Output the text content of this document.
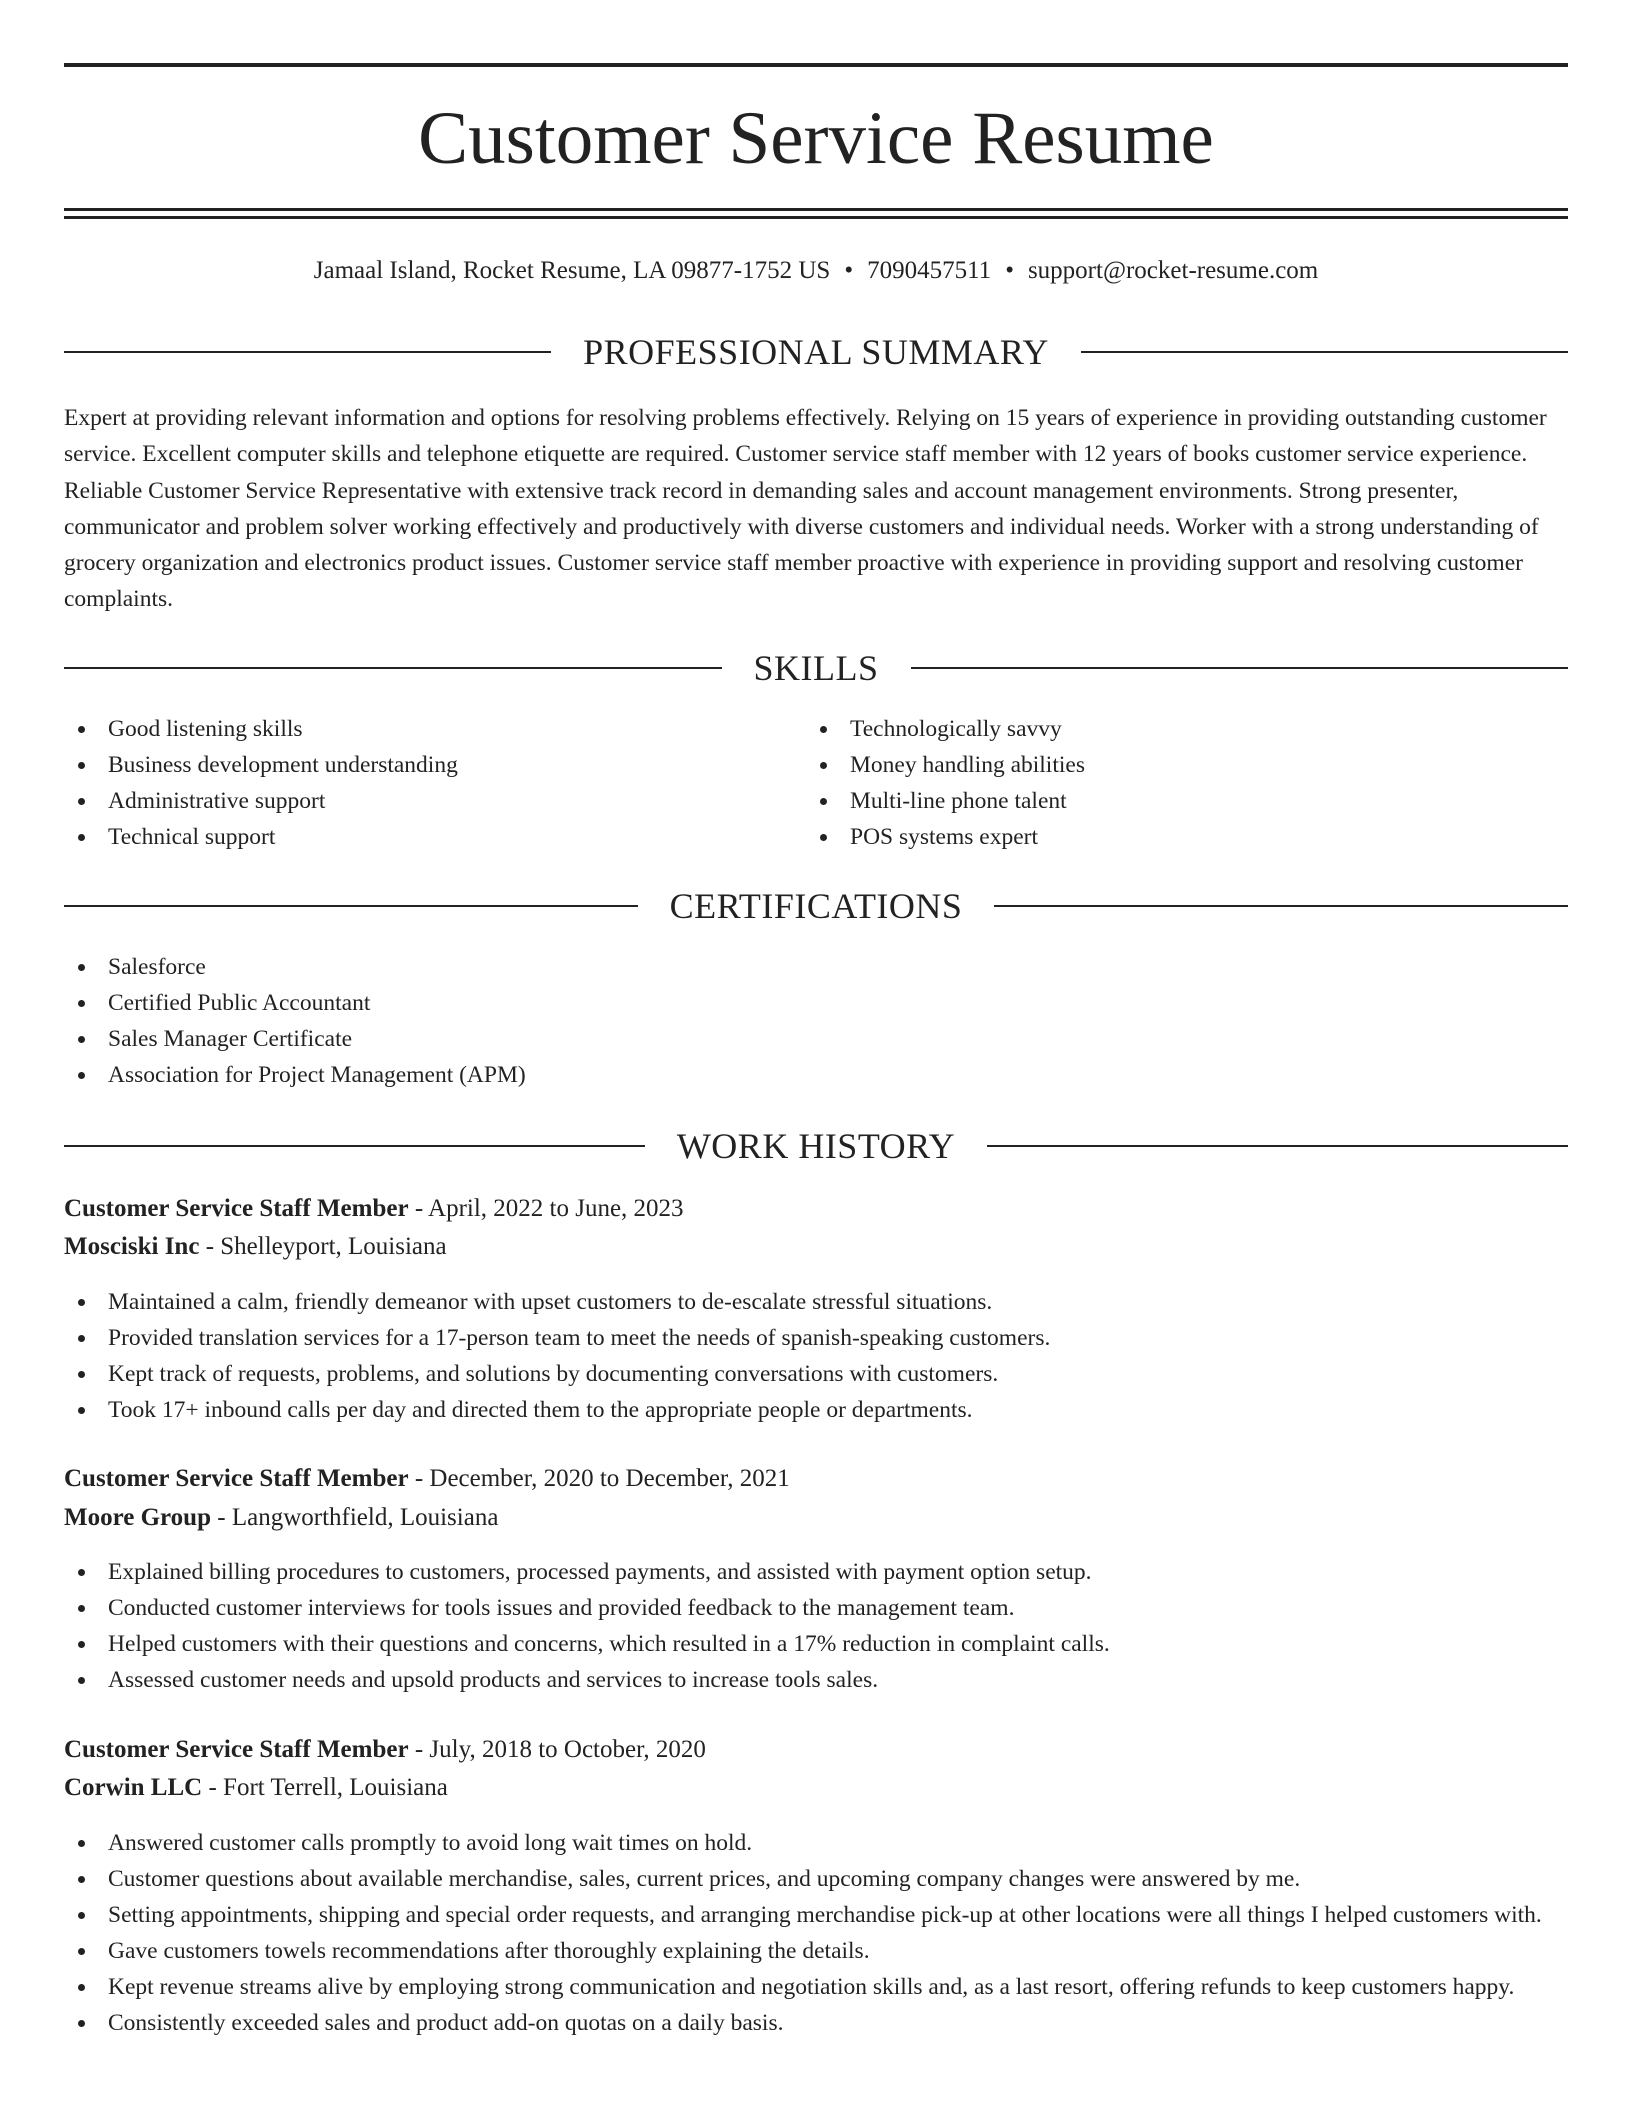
Customer Service Resume
Jamaal Island, Rocket Resume, LA 09877-1752 US • 7090457511 • support@rocket-resume.com
PROFESSIONAL SUMMARY

Expert at providing relevant information and options for resolving problems effectively. Relying on 15 years of experience in providing outstanding customer service. Excellent computer skills and telephone etiquette are required. Customer service staff member with 12 years of books customer service experience. Reliable Customer Service Representative with extensive track record in demanding sales and account management environments. Strong presenter, communicator and problem solver working effectively and productively with diverse customers and individual needs. Worker with a strong understanding of grocery organization and electronics product issues. Customer service staff member proactive with experience in providing support and resolving customer complaints.

SKILLS
Good listening skills
Business development understanding
Administrative support
Technical support
Technologically savvy
Money handling abilities
Multi-line phone talent
POS systems expert
CERTIFICATIONS
Salesforce
Certified Public Accountant
Sales Manager Certificate
Association for Project Management (APM)
WORK HISTORY
Customer Service Staff Member - April, 2022 to June, 2023
Mosciski Inc - Shelleyport, Louisiana
Maintained a calm, friendly demeanor with upset customers to de-escalate stressful situations.
Provided translation services for a 17-person team to meet the needs of spanish-speaking customers.
Kept track of requests, problems, and solutions by documenting conversations with customers.
Took 17+ inbound calls per day and directed them to the appropriate people or departments.
Customer Service Staff Member - December, 2020 to December, 2021
Moore Group - Langworthfield, Louisiana
Explained billing procedures to customers, processed payments, and assisted with payment option setup.
Conducted customer interviews for tools issues and provided feedback to the management team.
Helped customers with their questions and concerns, which resulted in a 17% reduction in complaint calls.
Assessed customer needs and upsold products and services to increase tools sales.
Customer Service Staff Member - July, 2018 to October, 2020
Corwin LLC - Fort Terrell, Louisiana
Answered customer calls promptly to avoid long wait times on hold.
Customer questions about available merchandise, sales, current prices, and upcoming company changes were answered by me.
Setting appointments, shipping and special order requests, and arranging merchandise pick-up at other locations were all things I helped customers with.
Gave customers towels recommendations after thoroughly explaining the details.
Kept revenue streams alive by employing strong communication and negotiation skills and, as a last resort, offering refunds to keep customers happy.
Consistently exceeded sales and product add-on quotas on a daily basis.
